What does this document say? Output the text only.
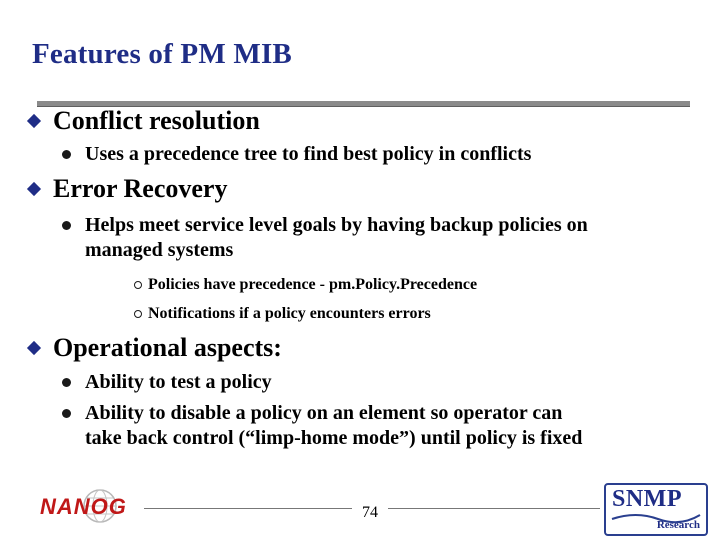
Features of PM MIB
Conflict resolution
Uses a precedence tree to find best policy in conflicts
Error Recovery
Helps meet service level goals by having backup policies on
managed systems
Policies have precedence - pm.Policy.Precedence
Notifications if a policy encounters errors
Operational aspects:
Ability to test a policy
Ability to disable a policy on an element so operator can
take back control (“limp-home mode”) until policy is fixed
NANOG	74
SNMP
Research
